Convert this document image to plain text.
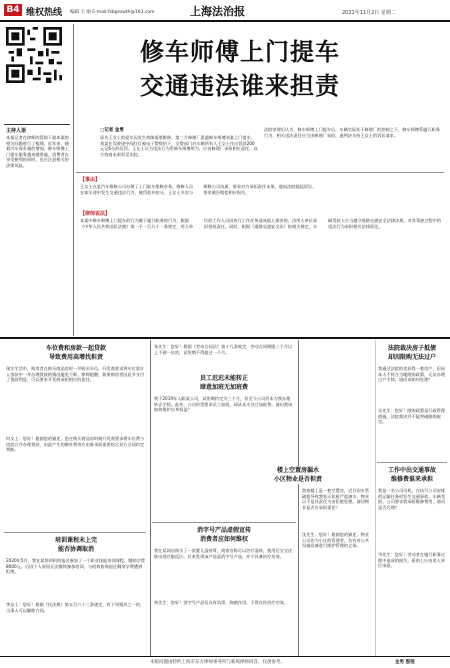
B4 维权热线 编辑 王 丽 E-mail:fzbgrowth@163.com	上海法治报	2021年11月2日 星期二
主持人语
本报记者在律师的帮助下就本案的相关问题进行了梳理。近年来，随着汽车保有量的增加，修车师傅上门提车服务越来越普遍，消费者在享受便利的同时，也应注意相关的法律风险。
修车师傅上门提车
交通违法谁来担责
□记者 金勇
原告王女士的爱车因发生故障需要维修，第三方修理厂派遣修车师傅刘某上门提车，刘某在驾驶途中闯红灯被电子警察拍下，交警部门对车辆所有人王女士作出罚款200元记6分的处罚。王女士认为违法行为系修车师傅所为，应由修理厂承担相应责任，双方协商未果诉至法院。
法院审理后认为，修车师傅上门提车后，车辆实际处于修理厂的控制之下，修车师傅系履行职务行为，相关违法责任应当由修理厂承担，遂判决支持王女士的诉讼请求。
【事由】
王女士在某汽车维修公司办理了上门取车维修业务，维修人员在取车途中发生交通违法行为，被罚款并扣分。王女士多次与维修公司沟通，要求对方承担责任未果，遂向法院提起诉讼，要求被告赔偿相应损失。
【律师说法】
本案中修车师傅上门提车的行为属于履行职务的行为，根据《中华人民共和国民法典》第一千一百九十一条规定，用人单位的工作人员因执行工作任务造成他人损害的，由用人单位承担侵权责任。同时，根据《道路交通安全法》的相关规定，车辆驾驶人应当遵守道路交通安全法律法规，对其驾驶过程中的违法行为承担相应法律责任。
车位费和房款一起贷款
导致费用高增找担责
现实生活中，购房者在购买商品房时一并购买车位，开发商要求将车位款计入房款中一并办理贷款的情况屡见不鲜。律师提醒，如果购房者因此多支付了贷款利息，可以要求开发商承担相应的责任。
何女士：您好！根据您的描述，您在购买商品房时被开发商要求将车位费与房款合并办理贷款，由此产生的额外费用应由谁承担需要结合双方合同约定判断。
培训课程未上完
能否协调取消
2020年5月，我在某培训机构报名参加了一个职业技能培训课程，缴纳学费8000元。后因个人原因无法继续参加培训，与机构协商退还剩余学费遭到拒绝。
李女士：您好！根据《民法典》第五百六十三条规定，有下列情形之一的，当事人可以解除合同。
张先生：您好！根据《劳动合同法》第十九条规定，劳动合同期限三个月以上不满一年的，试用期不得超过一个月。
员工迟迟未能转正
肆意加班无加班费
我于2019年入职某公司，试用期约定为三个月，但至今公司仍未为我办理转正手续。此外，公司经常要求员工加班，却从未支付过加班费。请问我该如何维护自身权益？
消字号产品虚假宣传
消费者应如何维权
我在某网店购买了一款婴儿湿疹膏，商家宣称可以治疗湿疹，使用后宝宝皮肤出现过敏反应。后来发现该产品是消字号产品，并不具备治疗功效。
黄先生：您好！消字号产品仅具有消毒、抑菌作用，不得宣传治疗功效。
楼上空置房漏水
小区物业是否担责
我家楼上是一套空置房，近日因水管破裂导致我家天花板严重渗水，物业以不是其责任为由拒绝处理。请问物业是否应承担责任？
沈先生：您好！根据您的描述，物业公司作为小区的管理者，负有对公共设施设备进行维护管理的义务。
法院裁决房子抵债
却因限购无法过户
我通过法院拍卖获得一套房产，但因本人不符合当地限购政策，无法办理过户手续。请问该如何处理？
吴先生：您好！限购政策是行政管理措施，法院裁决并不能突破限购规定。
工作中出交通事故
维修费谁来承担
我是一名公司司机，在执行公司安排的运输任务时发生交通事故，车辆受损。公司要求我承担维修费用，请问是否合理？
韦先生：您好！劳动者在履行职务过程中造成的损失，原则上应由用人单位承担。
本版问题由特约上海市东方律师事务所与新境律师回答，仅供参考。	金勇 整理
